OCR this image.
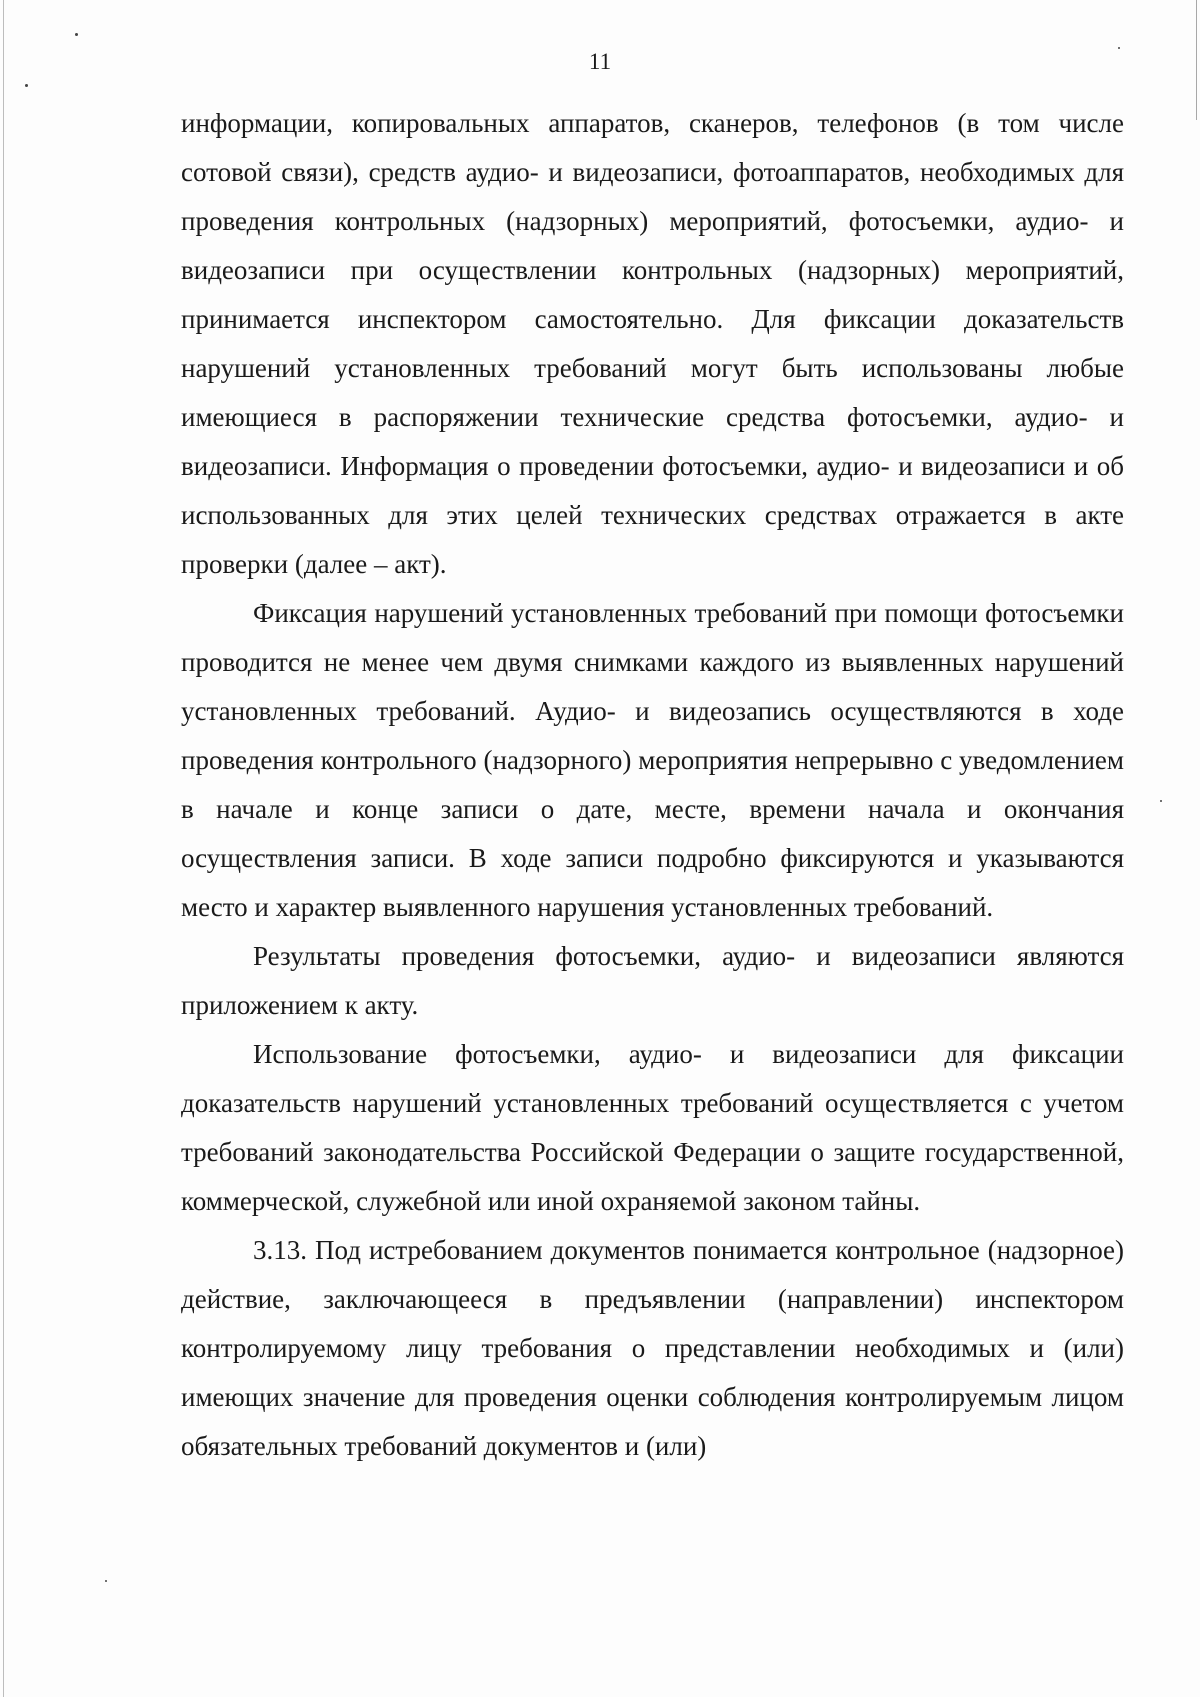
11

информации, копировальных аппаратов, сканеров, телефонов (в том числе сотовой связи), средств аудио- и видеозаписи, фотоаппаратов, необходимых для проведения контрольных (надзорных) мероприятий, фотосъемки, аудио- и видеозаписи при осуществлении контрольных (надзорных) мероприятий, принимается инспектором самостоятельно. Для фиксации доказательств нарушений установленных требований могут быть использованы любые имеющиеся в распоряжении технические средства фотосъемки, аудио- и видеозаписи. Информация о проведении фотосъемки, аудио- и видеозаписи и об использованных для этих целей технических средствах отражается в акте проверки (далее – акт).

Фиксация нарушений установленных требований при помощи фотосъемки проводится не менее чем двумя снимками каждого из выявленных нарушений установленных требований. Аудио- и видеозапись осуществляются в ходе проведения контрольного (надзорного) мероприятия непрерывно с уведомлением в начале и конце записи о дате, месте, времени начала и окончания осуществления записи. В ходе записи подробно фиксируются и указываются место и характер выявленного нарушения установленных требований.

Результаты проведения фотосъемки, аудио- и видеозаписи являются приложением к акту.

Использование фотосъемки, аудио- и видеозаписи для фиксации доказательств нарушений установленных требований осуществляется с учетом требований законодательства Российской Федерации о защите государственной, коммерческой, служебной или иной охраняемой законом тайны.

3.13. Под истребованием документов понимается контрольное (надзорное) действие, заключающееся в предъявлении (направлении) инспектором контролируемому лицу требования о представлении необходимых и (или) имеющих значение для проведения оценки соблюдения контролируемым лицом обязательных требований документов и (или)
